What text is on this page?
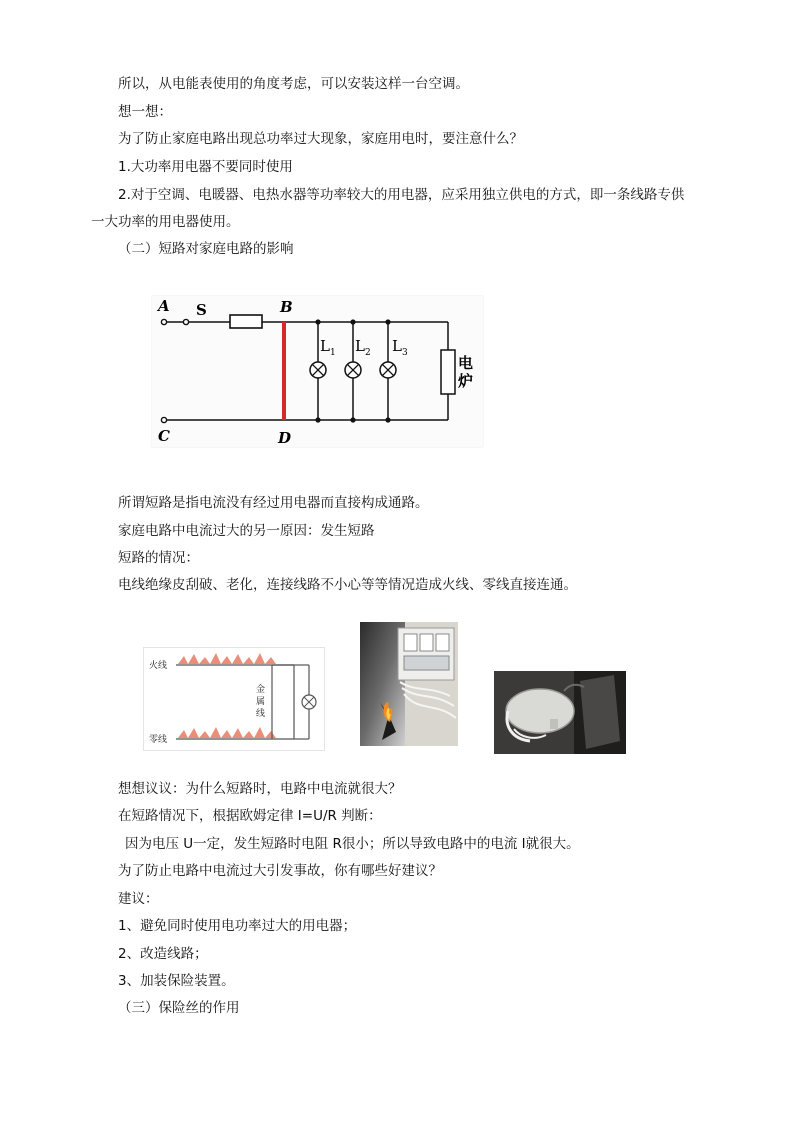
所以，从电能表使用的角度考虑，可以安装这样一台空调。
想一想：
为了防止家庭电路出现总功率过大现象，家庭用电时，要注意什么？
1.大功率用电器不要同时使用
2.对于空调、电暖器、电热水器等功率较大的用电器，应采用独立供电的方式，即一条线路专供
一大功率的用电器使用。
（二）短路对家庭电路的影响
A S	B
C	D
$L_1$ $L_2$ $L_3$
电
炉
所谓短路是指电流没有经过用电器而直接构成通路。
家庭电路中电流过大的另一原因：发生短路
短路的情况：
电线绝缘皮刮破、老化，连接线路不小心等等情况造成火线、零线直接连通。
火线
零线
金
属
线
想想议议：为什么短路时，电路中电流就很大？
在短路情况下，根据欧姆定律 I=U/R 判断：
因为电压 U一定，发生短路时电阻 R很小；所以导致电路中的电流 I就很大。
为了防止电路中电流过大引发事故，你有哪些好建议？
建议：
1、避免同时使用电功率过大的用电器；
2、改造线路；
3、加装保险装置。
（三）保险丝的作用
